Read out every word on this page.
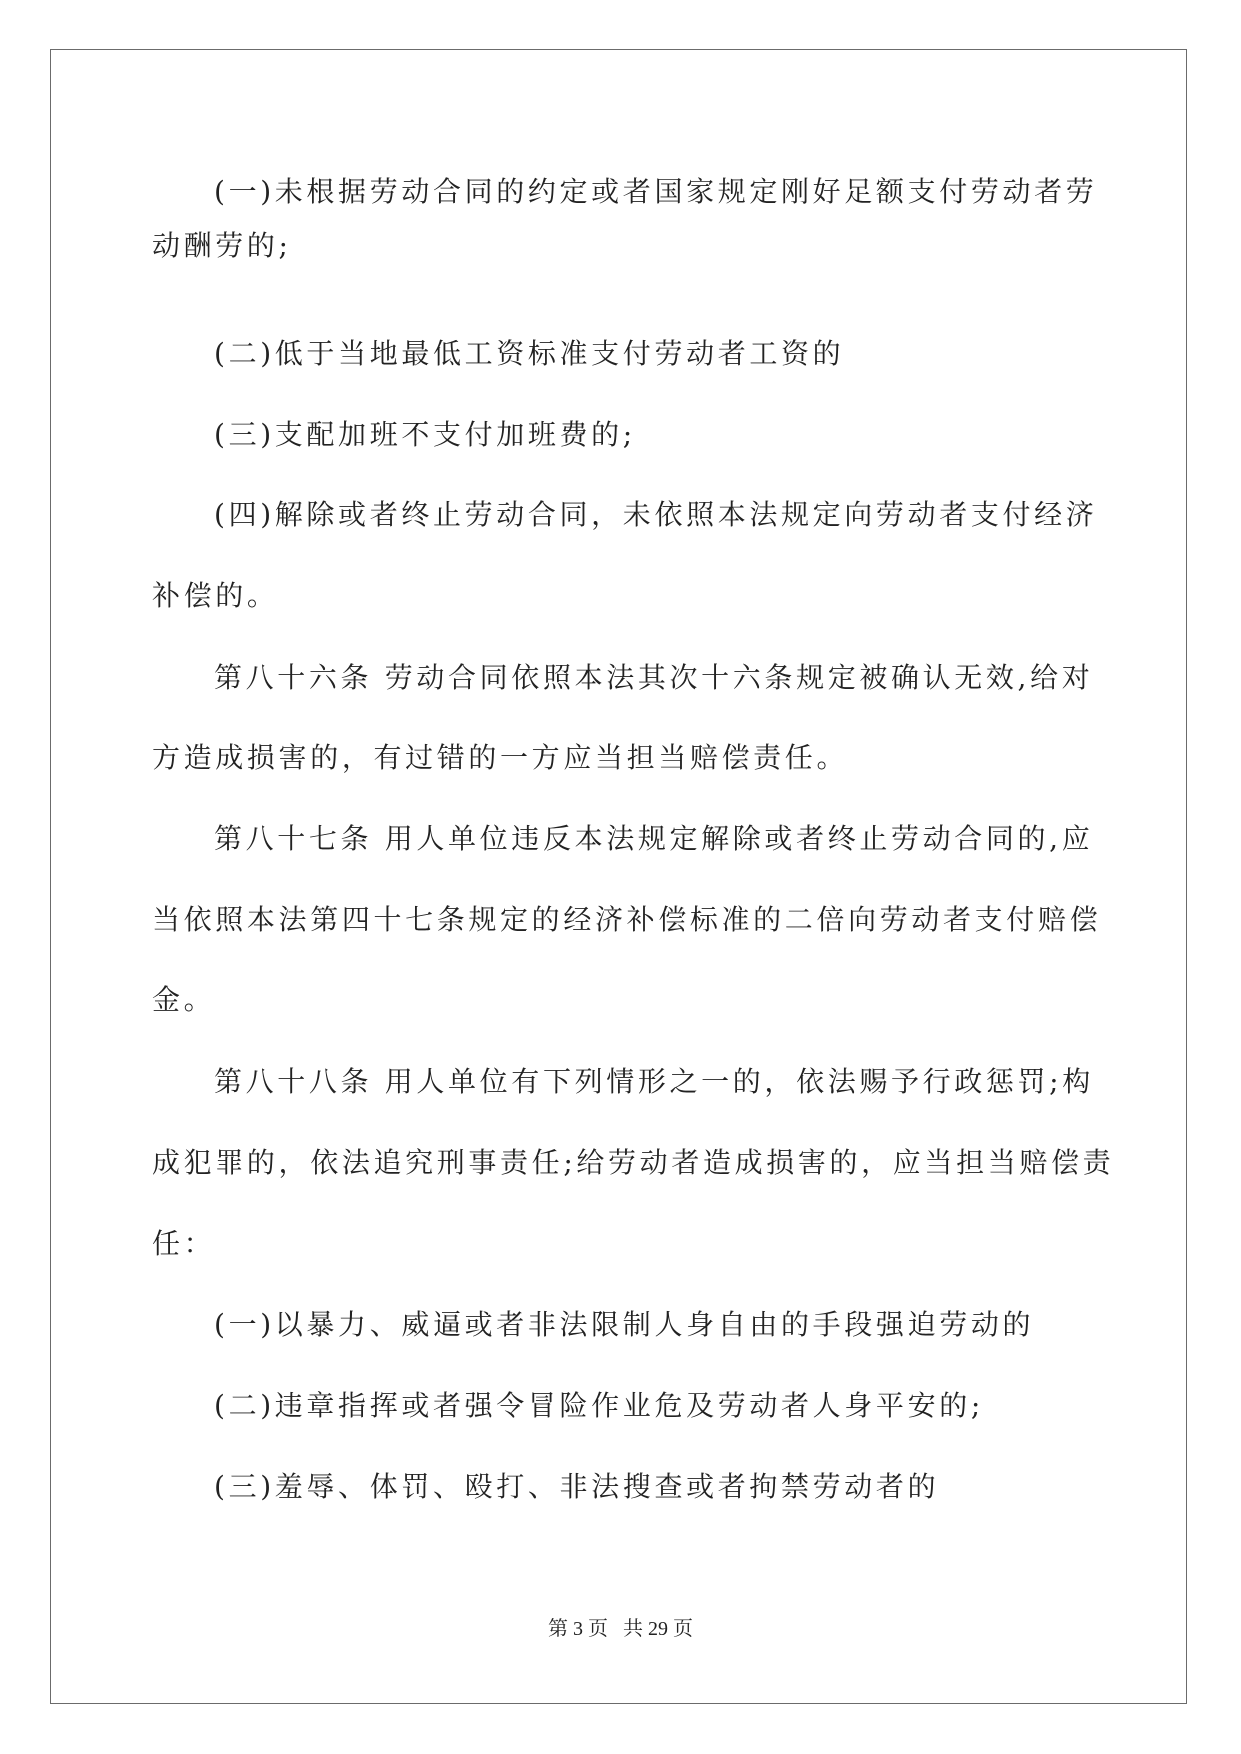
(一)未根据劳动合同的约定或者国家规定刚好足额支付劳动者劳
动酬劳的;
(二)低于当地最低工资标准支付劳动者工资的
(三)支配加班不支付加班费的;
(四)解除或者终止劳动合同，未依照本法规定向劳动者支付经济
补偿的。
第八十六条 劳动合同依照本法其次十六条规定被确认无效,给对
方造成损害的，有过错的一方应当担当赔偿责任。
第八十七条 用人单位违反本法规定解除或者终止劳动合同的,应
当依照本法第四十七条规定的经济补偿标准的二倍向劳动者支付赔偿
金。
第八十八条 用人单位有下列情形之一的，依法赐予行政惩罚;构
成犯罪的，依法追究刑事责任;给劳动者造成损害的，应当担当赔偿责
任：
(一)以暴力、威逼或者非法限制人身自由的手段强迫劳动的
(二)违章指挥或者强令冒险作业危及劳动者人身平安的;
(三)羞辱、体罚、殴打、非法搜查或者拘禁劳动者的
第 3 页   共 29 页
